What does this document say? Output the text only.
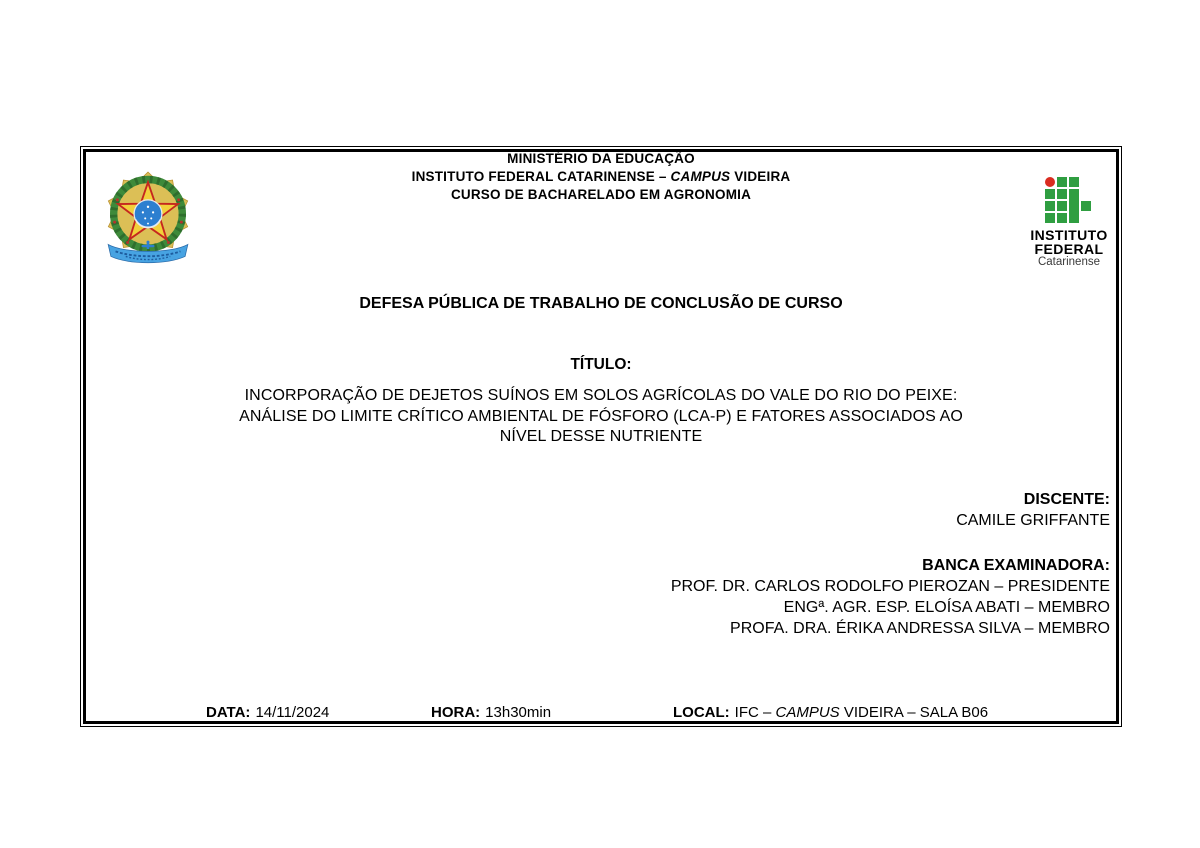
INSTITUTO
FEDERAL
Catarinense
MINISTÉRIO DA EDUCAÇÃO
INSTITUTO FEDERAL CATARINENSE – CAMPUS VIDEIRA
CURSO DE BACHARELADO EM AGRONOMIA
DEFESA PÚBLICA DE TRABALHO DE CONCLUSÃO DE CURSO
TÍTULO:
INCORPORAÇÃO DE DEJETOS SUÍNOS EM SOLOS AGRÍCOLAS DO VALE DO RIO DO PEIXE:
ANÁLISE DO LIMITE CRÍTICO AMBIENTAL DE FÓSFORO (LCA-P) E FATORES ASSOCIADOS AO
NÍVEL DESSE NUTRIENTE
DISCENTE:
CAMILE GRIFFANTE
BANCA EXAMINADORA:
PROF. DR. CARLOS RODOLFO PIEROZAN – PRESIDENTE
ENGª. AGR. ESP. ELOÍSA ABATI – MEMBRO
PROFA. DRA. ÉRIKA ANDRESSA SILVA – MEMBRO
DATA: 14/11/2024	HORA: 13h30min	LOCAL: IFC – CAMPUS VIDEIRA – SALA B06
